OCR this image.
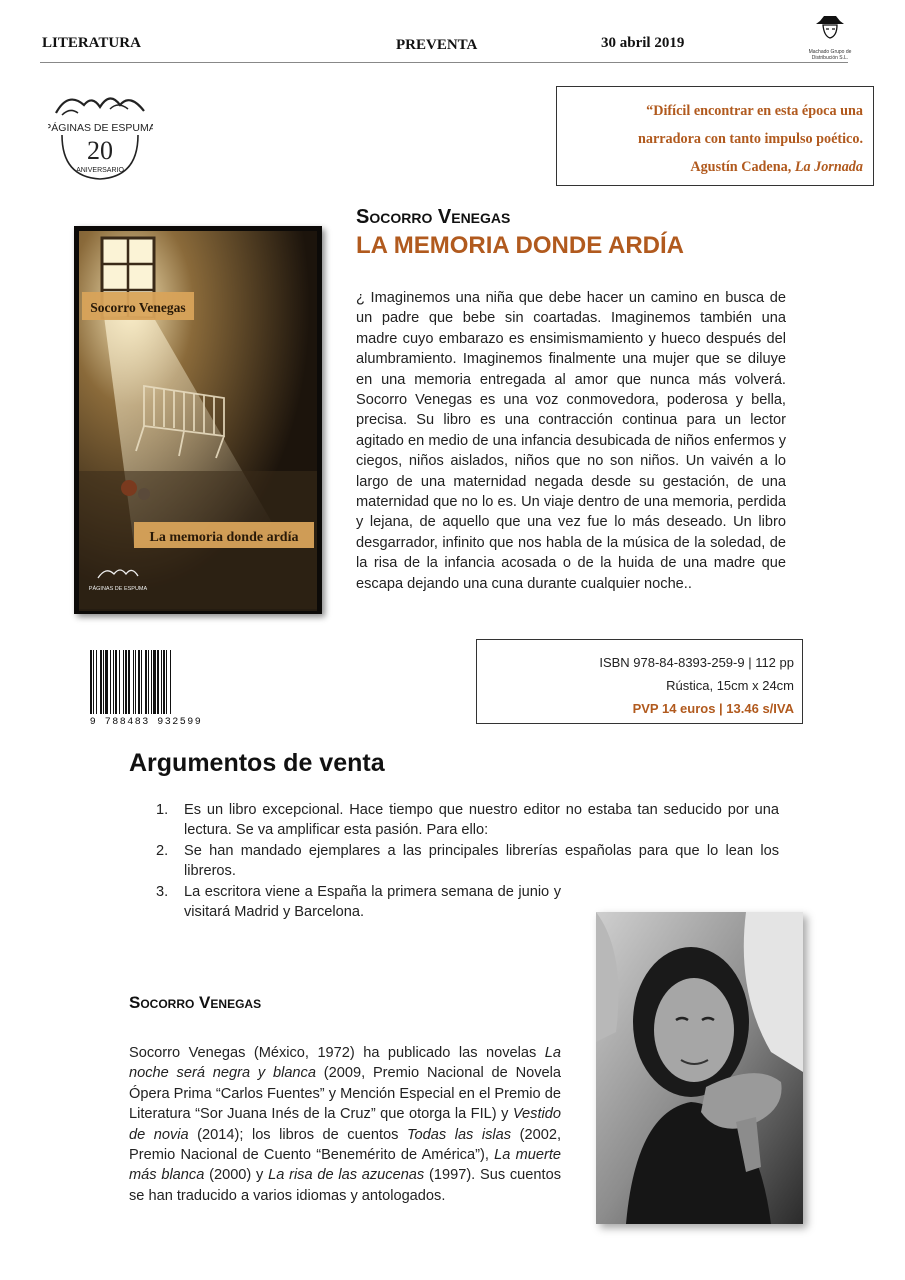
LITERATURA	PREVENTA	30 abril 2019
Machado Grupo de Distribución S.L.
PÁGINAS DE ESPUMA
20
ANIVERSARIO
“Difícil encontrar en esta época una
narradora con tanto impulso poético.
Agustín Cadena, La Jornada
Socorro Venegas
La memoria donde ardía
PÁGINAS DE ESPUMA
Socorro Venegas
LA MEMORIA DONDE ARDÍA

¿ Imaginemos una niña que debe hacer un camino en busca de un padre que bebe sin coartadas. Imaginemos también una madre cuyo embarazo es ensimismamiento y hueco después del alumbramiento. Imaginemos finalmente una mujer que se diluye en una memoria entregada al amor que nunca más volverá. Socorro Venegas es una voz conmovedora, poderosa y bella, precisa. Su libro es una contracción continua para un lector agitado en medio de una infancia desubicada de niños enfermos y ciegos, niños aislados, niños que no son niños. Un vaivén a lo largo de una maternidad negada desde su gestación, de una maternidad que no lo es. Un viaje dentro de una memoria, perdida y lejana, de aquello que una vez fue lo más deseado. Un libro desgarrador, infinito que nos habla de la música de la soledad, de la risa de la infancia acosada o de la huida de una madre que escapa dejando una cuna durante cualquier noche..

9 788483 932599
ISBN 978-84-8393-259-9 | 112 pp
Rústica, 15cm x 24cm
PVP 14 euros | 13.46 s/IVA
Argumentos de venta
1. Es un libro excepcional. Hace tiempo que nuestro editor no estaba tan seducido por una lectura. Se va amplificar esta pasión. Para ello:
2. Se han mandado ejemplares a las principales librerías españolas para que lo lean los libreros.
3. La escritora viene a España la primera semana de junio y visitará Madrid y Barcelona.
Socorro Venegas

Socorro Venegas (México, 1972) ha publicado las novelas La noche será negra y blanca (2009, Premio Nacional de Novela Ópera Prima “Carlos Fuentes” y Mención Especial en el Premio de Literatura “Sor Juana Inés de la Cruz” que otorga la FIL) y Vestido de novia (2014); los libros de cuentos Todas las islas (2002, Premio Nacional de Cuento “Benemérito de América”), La muerte más blanca (2000) y La risa de las azucenas (1997). Sus cuentos se han traducido a varios idiomas y antologados.
